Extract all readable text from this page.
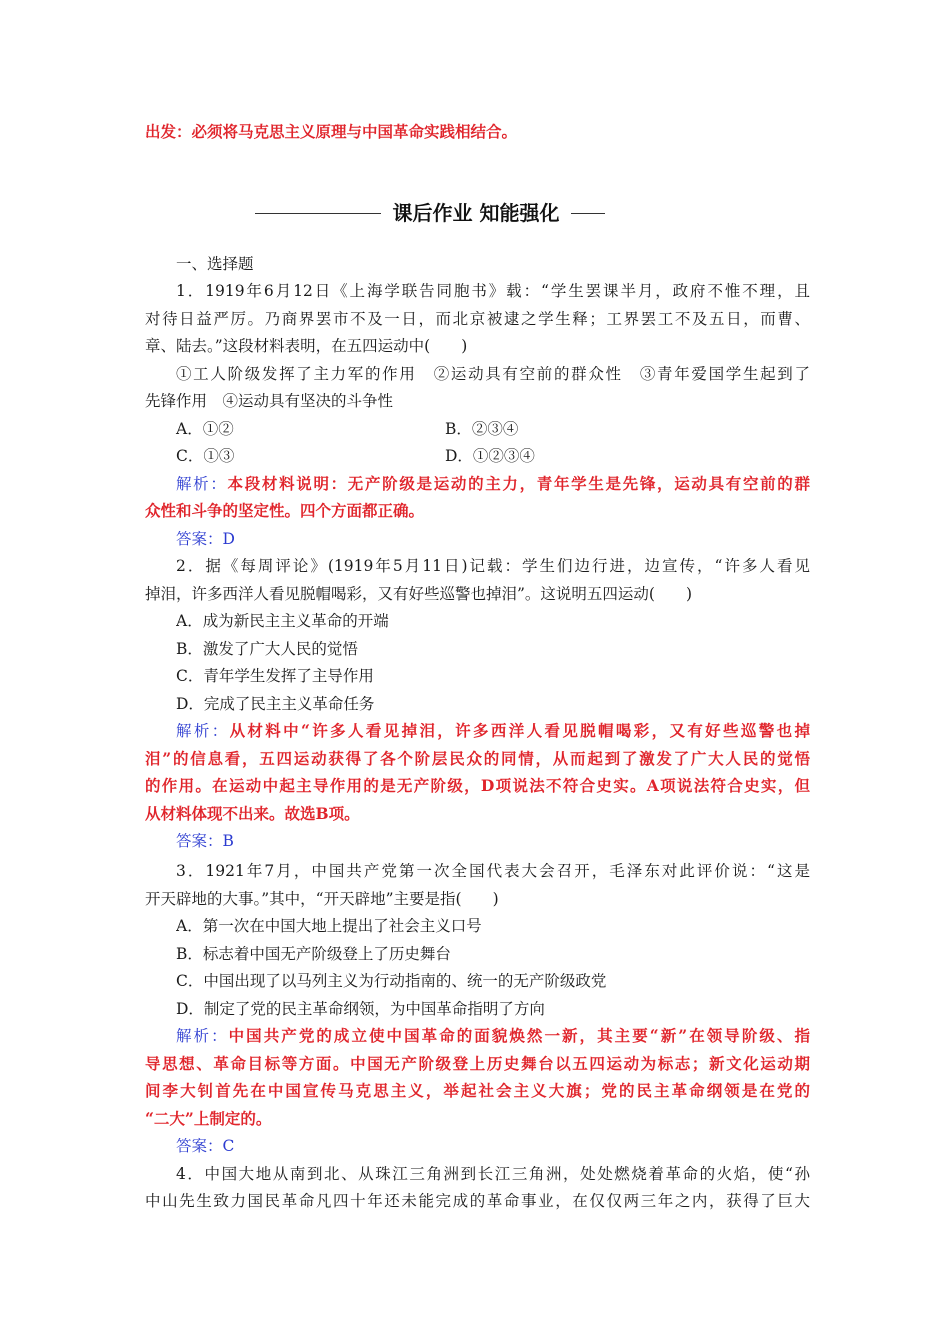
出发：必须将马克思主义原理与中国革命实践相结合。
课后作业 知能强化
一、选择题
1．1919年6月12日《上海学联告同胞书》载：“学生罢课半月，政府不惟不理，且
对待日益严厉。乃商界罢市不及一日，而北京被逮之学生释；工界罢工不及五日，而曹、
章、陆去。”这段材料表明，在五四运动中(　　)
①工人阶级发挥了主力军的作用　②运动具有空前的群众性　③青年爱国学生起到了
先锋作用　④运动具有坚决的斗争性
A．①②	B．②③④
C．①③	D．①②③④
解析：本段材料说明：无产阶级是运动的主力，青年学生是先锋，运动具有空前的群
众性和斗争的坚定性。四个方面都正确。
答案：D
2．据《每周评论》(1919年5月11日)记载：学生们边行进，边宣传，“许多人看见
掉泪，许多西洋人看见脱帽喝彩，又有好些巡警也掉泪”。这说明五四运动(　　)
A．成为新民主主义革命的开端
B．激发了广大人民的觉悟
C．青年学生发挥了主导作用
D．完成了民主主义革命任务
解析：从材料中“许多人看见掉泪，许多西洋人看见脱帽喝彩，又有好些巡警也掉
泪”的信息看，五四运动获得了各个阶层民众的同情，从而起到了激发了广大人民的觉悟
的作用。在运动中起主导作用的是无产阶级，D项说法不符合史实。A项说法符合史实，但
从材料体现不出来。故选B项。
答案：B
3．1921年7月，中国共产党第一次全国代表大会召开，毛泽东对此评价说：“这是
开天辟地的大事。”其中，“开天辟地”主要是指(　　)
A．第一次在中国大地上提出了社会主义口号
B．标志着中国无产阶级登上了历史舞台
C．中国出现了以马列主义为行动指南的、统一的无产阶级政党
D．制定了党的民主革命纲领，为中国革命指明了方向
解析：中国共产党的成立使中国革命的面貌焕然一新，其主要“新”在领导阶级、指
导思想、革命目标等方面。中国无产阶级登上历史舞台以五四运动为标志；新文化运动期
间李大钊首先在中国宣传马克思主义，举起社会主义大旗；党的民主革命纲领是在党的
“二大”上制定的。
答案：C
4．中国大地从南到北、从珠江三角洲到长江三角洲，处处燃烧着革命的火焰，使“孙
中山先生致力国民革命凡四十年还未能完成的革命事业，在仅仅两三年之内，获得了巨大
